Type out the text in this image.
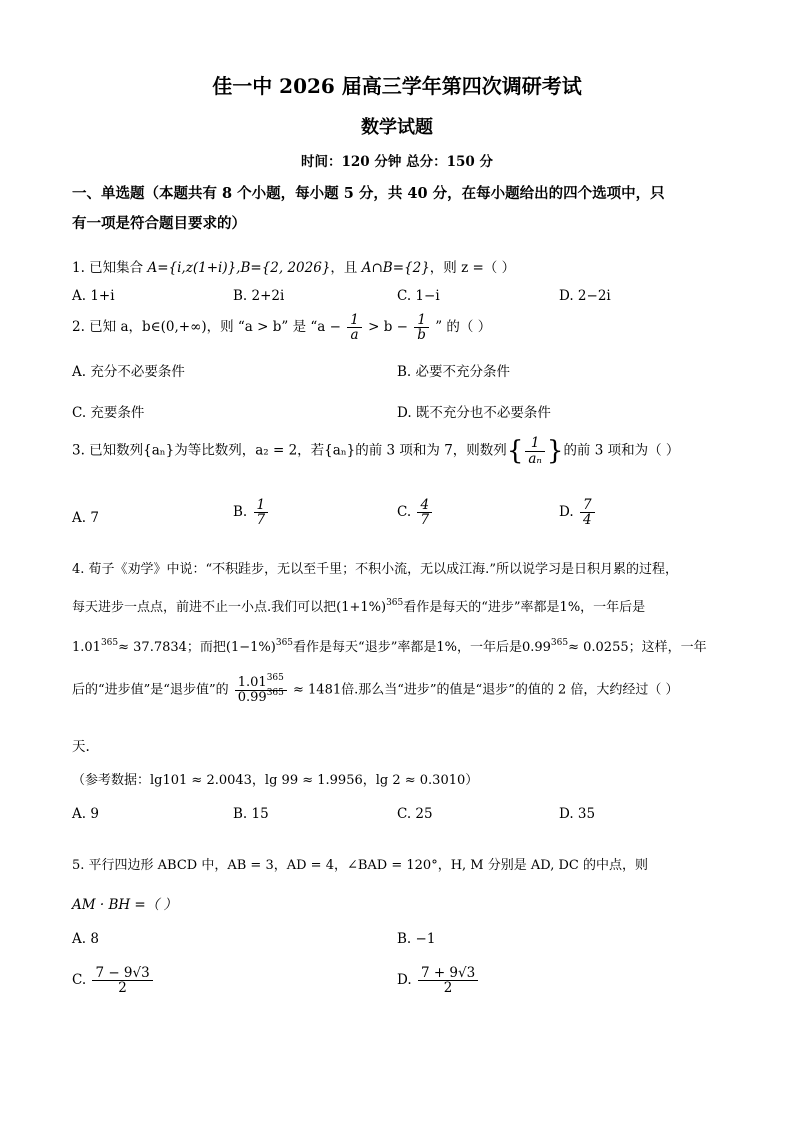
佳一中 2026 届高三学年第四次调研考试
数学试题
时间：120 分钟 总分：150 分
一、单选题（本题共有 8 个小题，每小题 5 分，共 40 分，在每小题给出的四个选项中，只
有一项是符合题目要求的）
1. 已知集合 A={i,z(1+i)},B={2, 2026}，且 A∩B={2}，则 z =（ ）
A. 1+i	B. 2+2i	C. 1−i	D. 2−2i
2. 已知 a，b∈(0,+∞)，则 “a > b” 是 “$a - \frac{1}{a} > b - \frac{1}{b}$ ” 的（ ）
A. 充分不必要条件	B. 必要不充分条件
C. 充要条件	D. 既不充分也不必要条件
3. 已知数列{aₙ}为等比数列，a₂ = 2，若{aₙ}的前 3 项和为 7，则数列{ $\frac{1}{\text{aₙ}}$ }的前 3 项和为（ ）
A. 7	B. $\frac{1}{7}$	C. $\frac{4}{7}$	D. $\frac{7}{4}$
4. 荀子《劝学》中说：“不积跬步，无以至千里；不积小流，无以成江海.”所以说学习是日积月累的过程，
每天进步一点点，前进不止一小点.我们可以把$(1+1\%)^{365}$看作是每天的“进步”率都是1%，一年后是
$1.01^{365}\approx 37.7834$；而把$(1-1\%)^{365}$看作是每天“退步”率都是1%，一年后是$0.99^{365}\approx 0.0255$；这样，一年
后的“进步值”是“退步值”的 $\frac{1.01^{365}}{0.99^{365}} \approx 1481$倍.那么当“进步”的值是“退步”的值的 2 倍，大约经过（ ）
天.
（参考数据：lg101 ≈ 2.0043，lg 99 ≈ 1.9956，lg 2 ≈ 0.3010）
A. 9	B. 15	C. 25	D. 35
5. 平行四边形 ABCD 中，AB = 3，AD = 4，∠BAD = 120°，H, M 分别是 AD, DC 的中点，则
AM · BH =（ ）
A. 8	B. −1
C. $\frac{7 - 9√3}{2}$	D. $\frac{7 + 9√3}{2}$
